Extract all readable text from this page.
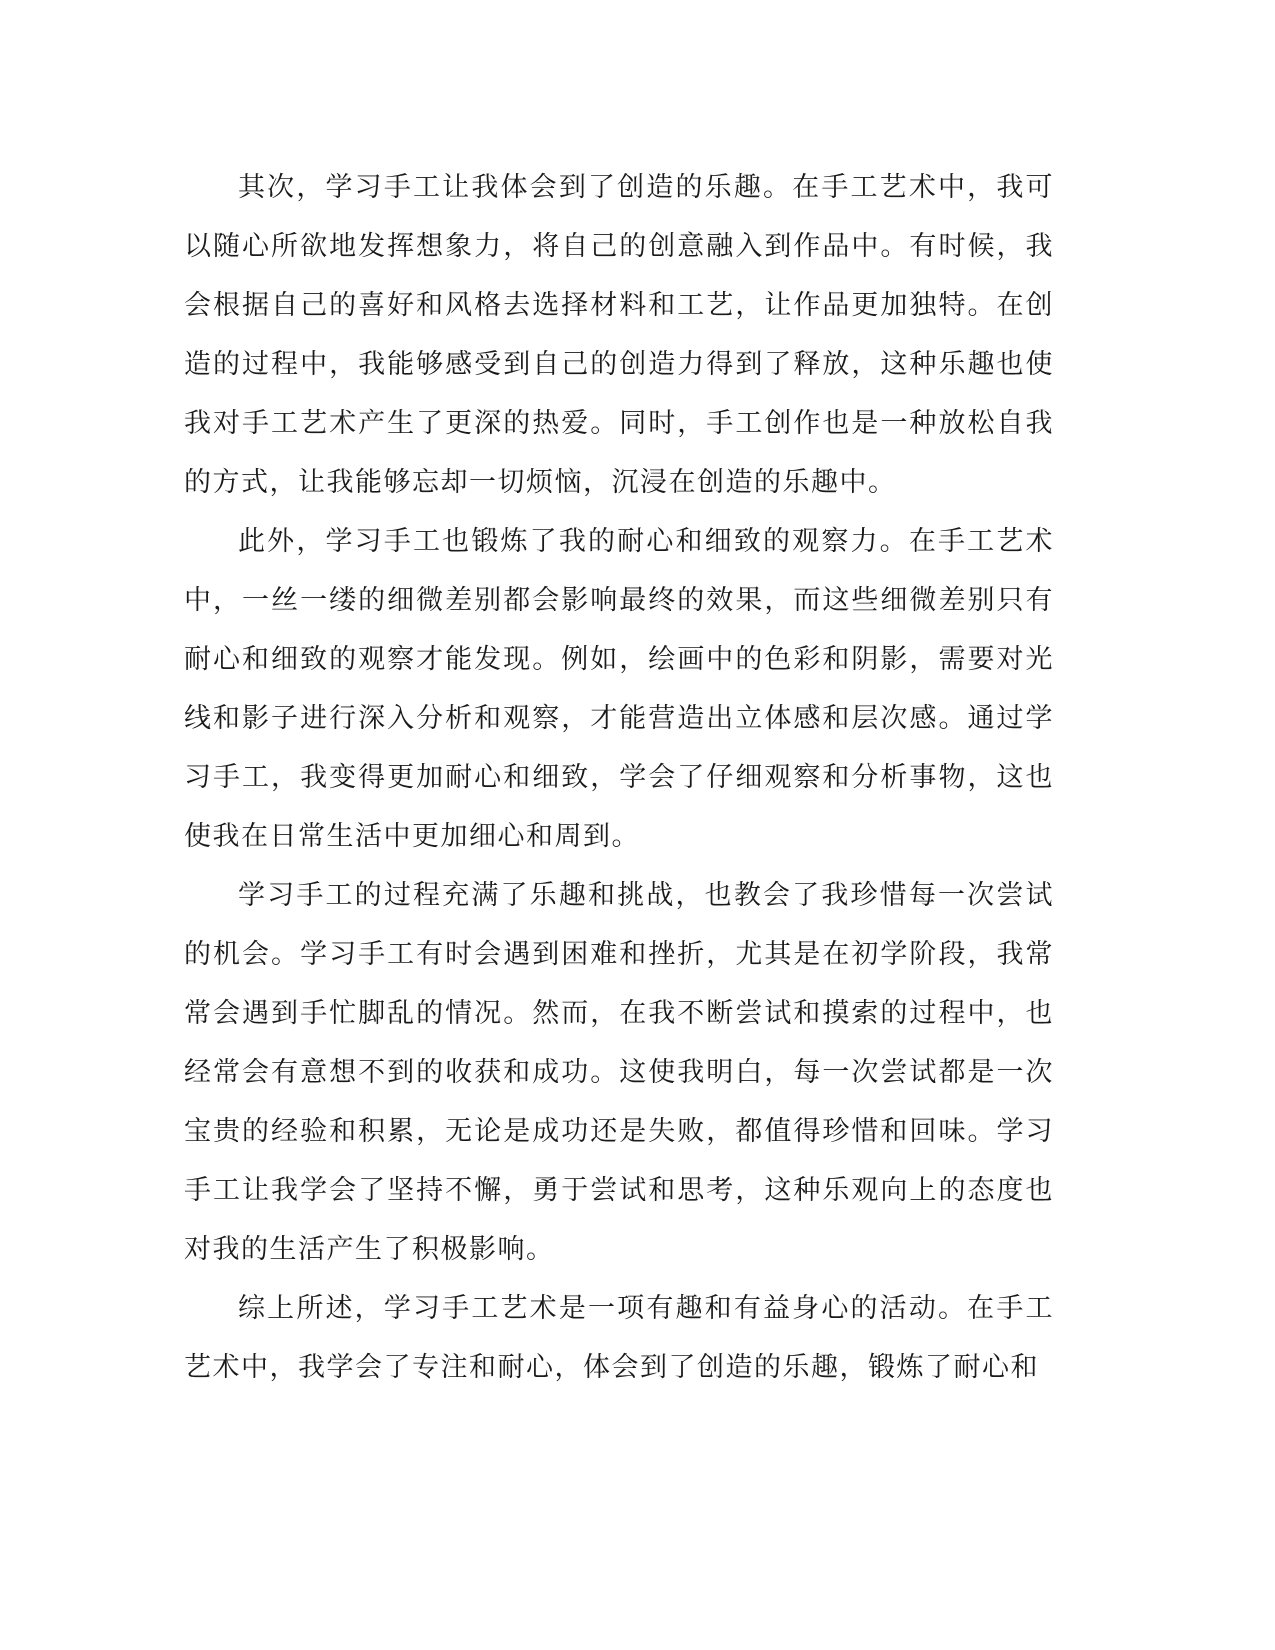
其次，学习手工让我体会到了创造的乐趣。在手工艺术中，我可以随心所欲地发挥想象力，将自己的创意融入到作品中。有时候，我会根据自己的喜好和风格去选择材料和工艺，让作品更加独特。在创造的过程中，我能够感受到自己的创造力得到了释放，这种乐趣也使我对手工艺术产生了更深的热爱。同时，手工创作也是一种放松自我的方式，让我能够忘却一切烦恼，沉浸在创造的乐趣中。

此外，学习手工也锻炼了我的耐心和细致的观察力。在手工艺术中，一丝一缕的细微差别都会影响最终的效果，而这些细微差别只有耐心和细致的观察才能发现。例如，绘画中的色彩和阴影，需要对光线和影子进行深入分析和观察，才能营造出立体感和层次感。通过学习手工，我变得更加耐心和细致，学会了仔细观察和分析事物，这也使我在日常生活中更加细心和周到。

学习手工的过程充满了乐趣和挑战，也教会了我珍惜每一次尝试的机会。学习手工有时会遇到困难和挫折，尤其是在初学阶段，我常常会遇到手忙脚乱的情况。然而，在我不断尝试和摸索的过程中，也经常会有意想不到的收获和成功。这使我明白，每一次尝试都是一次宝贵的经验和积累，无论是成功还是失败，都值得珍惜和回味。学习手工让我学会了坚持不懈，勇于尝试和思考，这种乐观向上的态度也对我的生活产生了积极影响。

综上所述，学习手工艺术是一项有趣和有益身心的活动。在手工艺术中，我学会了专注和耐心，体会到了创造的乐趣，锻炼了耐心和
